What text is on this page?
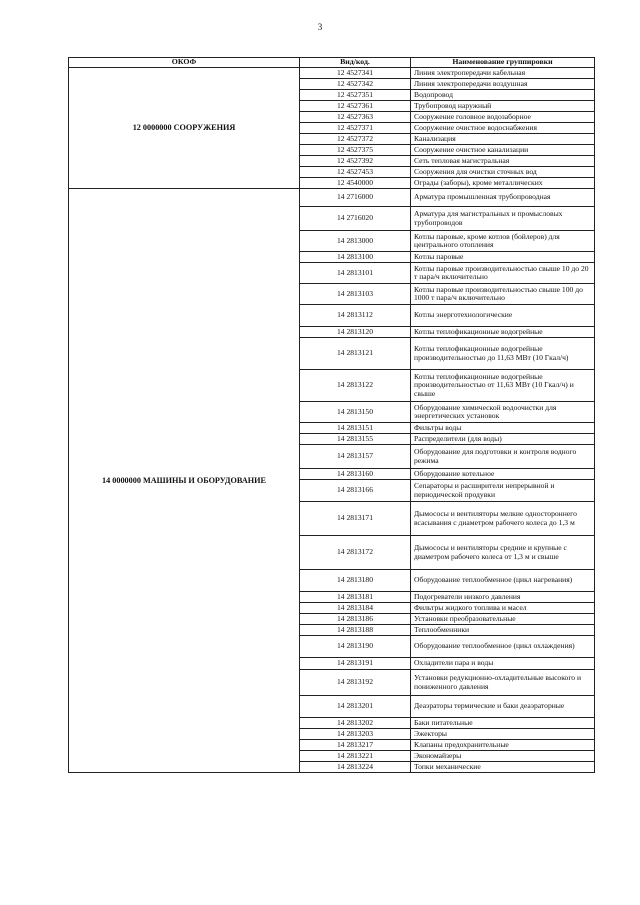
3
ОКОФ	Вид/код.	Наименование группировки
12 0000000 СООРУЖЕНИЯ	12 4527341	Линия электропередачи кабельная
	12 4527342	Линия электропередачи воздушная
	12 4527351	Водопровод
	12 4527361	Трубопровод наружный
	12 4527363	Сооружение головное водозаборное
	12 4527371	Сооружение очистное водоснабжения
	12 4527372	Канализация
	12 4527375	Сооружение очистное канализации
	12 4527392	Сеть тепловая магистральная
	12 4527453	Сооружения для очистки сточных вод
	12 4540000	Ограды (заборы), кроме металлических
14 0000000 МАШИНЫ И ОБОРУДОВАНИЕ	14 2716000	Арматура промышленная трубопроводная
	14 2716020	Арматура для магистральных и промысловых трубопроводов
	14 2813000	Котлы паровые, кроме котлов (бойлеров) для центрального отопления
	14 2813100	Котлы паровые
	14 2813101	Котлы паровые производительностью свыше 10 до 20 т пара/ч включительно
	14 2813103	Котлы паровые производительностью свыше 100 до 1000 т пара/ч включительно
	14 2813112	Котлы энерготехнологические
	14 2813120	Котлы теплофикационные водогрейные
	14 2813121	Котлы теплофикационные водогрейные производительностью до 11,63 МВт (10 Гкал/ч)
	14 2813122	Котлы теплофикационные водогрейные производительностью от 11,63 МВт (10 Гкал/ч) и свыше
	14 2813150	Оборудование химической водоочистки для энергетических установок
	14 2813151	Фильтры воды
	14 2813155	Распределители (для воды)
	14 2813157	Оборудование для подготовки и контроля водного режима
	14 2813160	Оборудование котельное
	14 2813166	Сепараторы и расширители непрерывной и периодической продувки
	14 2813171	Дымососы и вентиляторы мелкие одностороннего всасывания с диаметром рабочего колеса до 1,3 м
	14 2813172	Дымососы и вентиляторы средние и крупные с диаметром рабочего колеса от 1,3 м и свыше
	14 2813180	Оборудование теплообменное (цикл нагревания)
	14 2813181	Подогреватели низкого давления
	14 2813184	Фильтры жидкого топлива и масел
	14 2813186	Установки преобразовательные
	14 2813188	Теплообменники
	14 2813190	Оборудование теплообменное (цикл охлаждения)
	14 2813191	Охладители пара и воды
	14 2813192	Установки редукционно-охладительные высокого и пониженного давления
	14 2813201	Деаэраторы термические и баки деаэраторные
	14 2813202	Баки питательные
	14 2813203	Эжекторы
	14 2813217	Клапаны предохранительные
	14 2813221	Экономайзеры
	14 2813224	Топки механические
